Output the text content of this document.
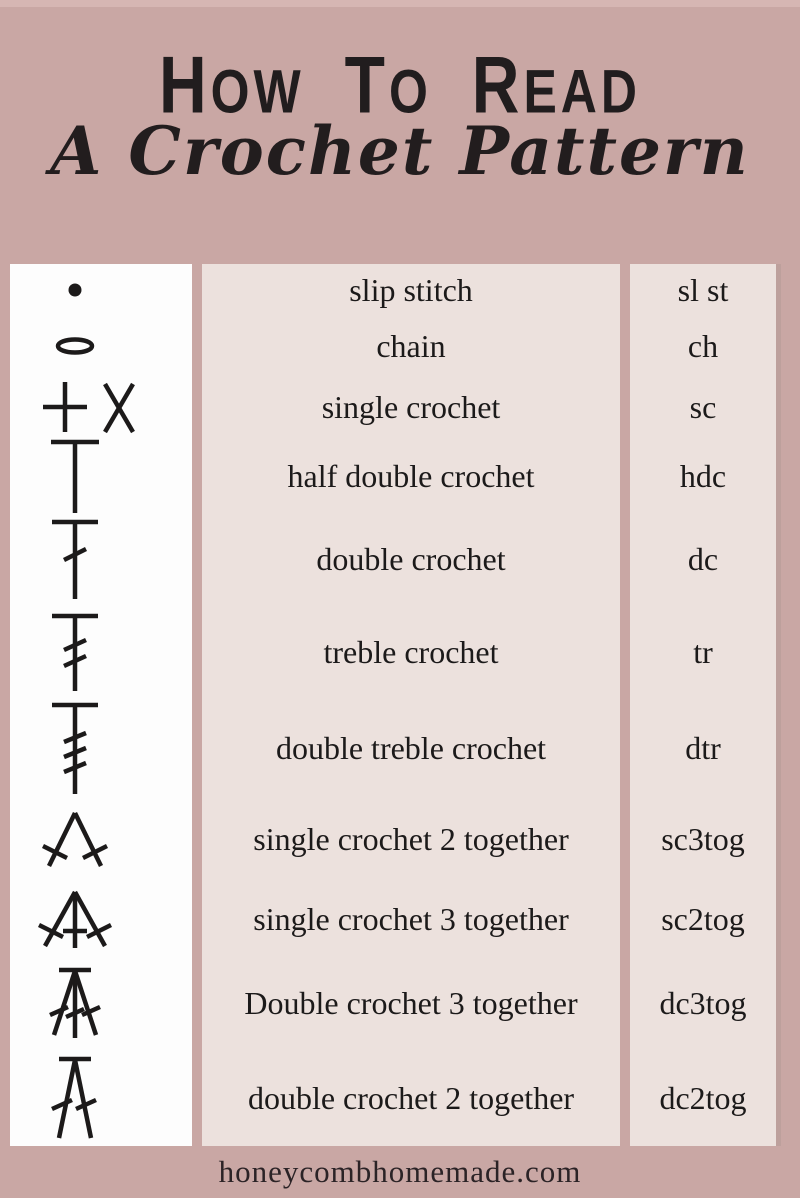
HOW TO READ
A Crochet Pattern
slip stitch
chain
single crochet
half double crochet
double crochet
treble crochet
double treble crochet
single crochet 2 together
single crochet 3 together
Double crochet 3 together
double crochet 2 together
sl st
ch
sc
hdc
dc
tr
dtr
sc3tog
sc2tog
dc3tog
dc2tog
honeycombhomemade.com
